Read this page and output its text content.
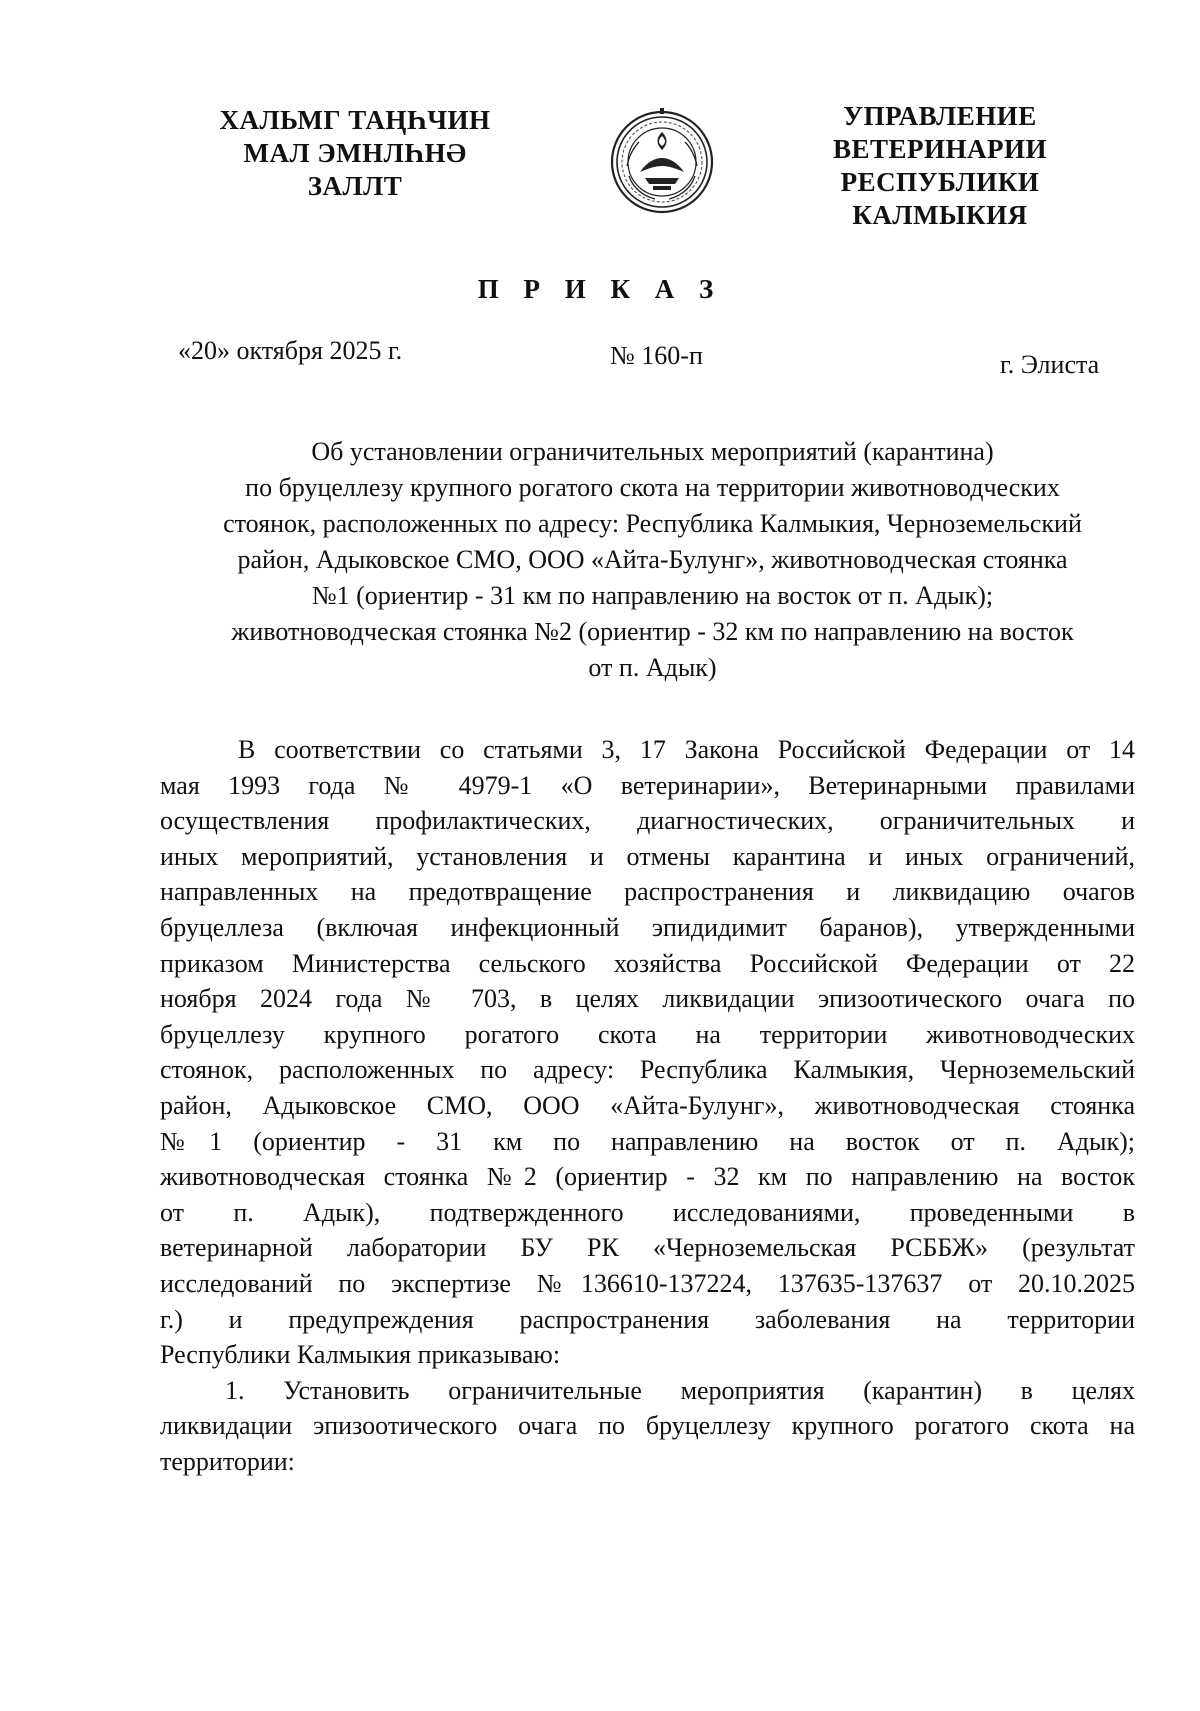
ХАЛЬМГ ТАҢҺЧИН
МАЛ ЭМНЛҺНӘ
ЗАЛЛТ
УПРАВЛЕНИЕ
ВЕТЕРИНАРИИ
РЕСПУБЛИКИ
КАЛМЫКИЯ
П Р И К А З
«20» октября 2025 г.	№ 160-п	г. Элиста
Об установлении ограничительных мероприятий (карантина)
по бруцеллезу крупного рогатого скота на территории животноводческих
стоянок, расположенных по адресу: Республика Калмыкия, Черноземельский
район, Адыковское СМО, ООО «Айта-Булунг», животноводческая стоянка
№1 (ориентир - 31 км по направлению на восток от п. Адык);
животноводческая стоянка №2 (ориентир - 32 км по направлению на восток
от п. Адык)
В соответствии со статьями 3, 17 Закона Российской Федерации от 14
мая 1993 года № 4979-1 «О ветеринарии», Ветеринарными правилами
осуществления профилактических, диагностических, ограничительных и
иных мероприятий, установления и отмены карантина и иных ограничений,
направленных на предотвращение распространения и ликвидацию очагов
бруцеллеза (включая инфекционный эпидидимит баранов), утвержденными
приказом Министерства сельского хозяйства Российской Федерации от 22
ноября 2024 года № 703, в целях ликвидации эпизоотического очага по
бруцеллезу крупного рогатого скота на территории животноводческих
стоянок, расположенных по адресу: Республика Калмыкия, Черноземельский
район, Адыковское СМО, ООО «Айта-Булунг», животноводческая стоянка
№1 (ориентир - 31 км по направлению на восток от п. Адык);
животноводческая стоянка №2 (ориентир - 32 км по направлению на восток
от п. Адык), подтвержденного исследованиями, проведенными в
ветеринарной лаборатории БУ РК «Черноземельская РСББЖ» (результат
исследований по экспертизе №136610-137224, 137635-137637 от 20.10.2025
г.) и предупреждения распространения заболевания на территории
Республики Калмыкия приказываю:
1. Установить ограничительные мероприятия (карантин) в целях
ликвидации эпизоотического очага по бруцеллезу крупного рогатого скота на
территории:
